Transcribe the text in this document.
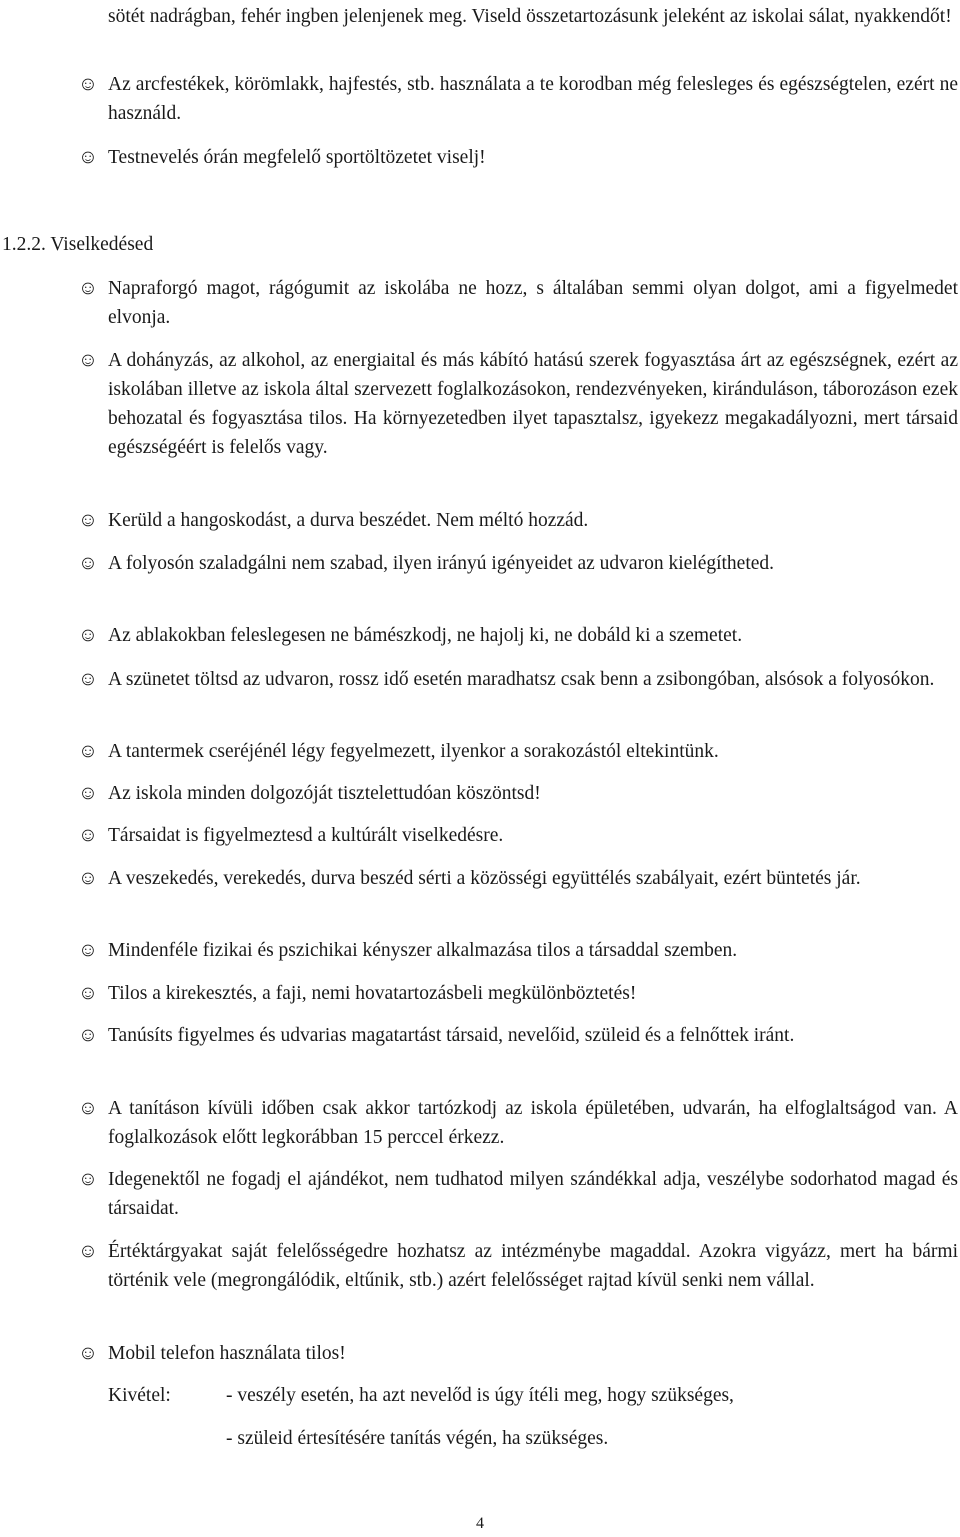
sötét nadrágban, fehér ingben jelenjenek meg. Viseld összetartozásunk jeleként az iskolai sálat, nyakkendőt!
☺ Az arcfestékek, körömlakk, hajfestés, stb. használata a te korodban még felesleges és egészségtelen, ezért ne használd.
☺ Testnevelés órán megfelelő sportöltözetet viselj!
1.2.2. Viselkedésed
☺ Napraforgó magot, rágógumit az iskolába ne hozz, s általában semmi olyan dolgot, ami a figyelmedet elvonja.
☺ A dohányzás, az alkohol, az energiaital és más kábító hatású szerek fogyasztása árt az egészségnek, ezért az iskolában illetve az iskola által szervezett foglalkozásokon, rendezvényeken, kiránduláson, táborozáson ezek behozatal és fogyasztása tilos. Ha környezetedben ilyet tapasztalsz, igyekezz megakadályozni, mert társaid egészségéért is felelős vagy.
☺ Kerüld a hangoskodást, a durva beszédet. Nem méltó hozzád.
☺ A folyosón szaladgálni nem szabad, ilyen irányú igényeidet az udvaron kielégítheted.
☺ Az ablakokban feleslegesen ne bámészkodj, ne hajolj ki, ne dobáld ki a szemetet.
☺ A szünetet töltsd az udvaron, rossz idő esetén maradhatsz csak benn a zsibongóban, alsósok a folyosókon.
☺ A tantermek cseréjénél légy fegyelmezett, ilyenkor a sorakozástól eltekintünk.
☺ Az iskola minden dolgozóját tisztelettudóan köszöntsd!
☺ Társaidat is figyelmeztesd a kultúrált viselkedésre.
☺ A veszekedés, verekedés, durva beszéd sérti a közösségi együttélés szabályait, ezért büntetés jár.
☺ Mindenféle fizikai és pszichikai kényszer alkalmazása tilos a társaddal szemben.
☺ Tilos a kirekesztés, a faji, nemi hovatartozásbeli megkülönböztetés!
☺ Tanúsíts figyelmes és udvarias magatartást társaid, nevelőid, szüleid és a felnőttek iránt.
☺ A tanításon kívüli időben csak akkor tartózkodj az iskola épületében, udvarán, ha elfoglaltságod van. A foglalkozások előtt legkorábban 15 perccel érkezz.
☺ Idegenektől ne fogadj el ajándékot, nem tudhatod milyen szándékkal adja, veszélybe sodorhatod magad és társaidat.
☺ Értéktárgyakat saját felelősségedre hozhatsz az intézménybe magaddal. Azokra vigyázz, mert ha bármi történik vele (megrongálódik, eltűnik, stb.) azért felelősséget rajtad kívül senki nem vállal.
☺ Mobil telefon használata tilos!
Kivétel:	- veszély esetén, ha azt nevelőd is úgy ítéli meg, hogy szükséges,
- szüleid értesítésére tanítás végén, ha szükséges.
4
